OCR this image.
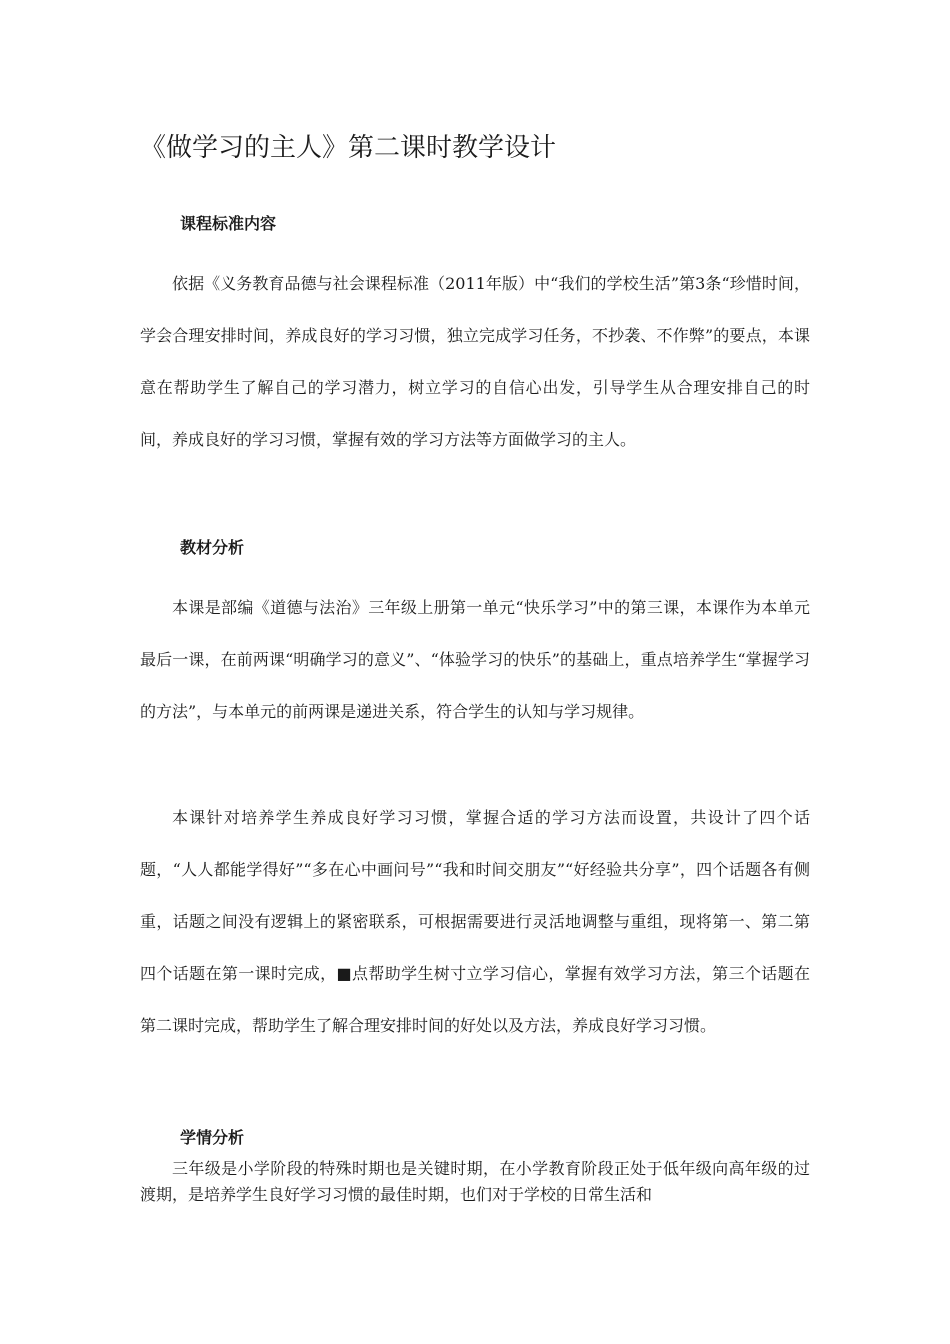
《做学习的主人》第二课时教学设计
课程标准内容

依据《义务教育品德与社会课程标准（2011年版）中“我们的学校生活”第3条“珍惜时间，学会合理安排时间，养成良好的学习习惯，独立完成学习任务，不抄袭、不作弊”的要点，本课意在帮助学生了解自己的学习潜力，树立学习的自信心出发，引导学生从合理安排自己的时间，养成良好的学习习惯，掌握有效的学习方法等方面做学习的主人。

教材分析

本课是部编《道德与法治》三年级上册第一单元“快乐学习”中的第三课，本课作为本单元最后一课，在前两课“明确学习的意义”、“体验学习的快乐”的基础上，重点培养学生“掌握学习的方法”，与本单元的前两课是递进关系，符合学生的认知与学习规律。

本课针对培养学生养成良好学习习惯，掌握合适的学习方法而设置，共设计了四个话题，“人人都能学得好”“多在心中画问号”“我和时间交朋友”“好经验共分享”，四个话题各有侧重，话题之间没有逻辑上的紧密联系，可根据需要进行灵活地调整与重组，现将第一、第二第四个话题在第一课时完成，■点帮助学生树寸立学习信心，掌握有效学习方法，第三个话题在第二课时完成，帮助学生了解合理安排时间的好处以及方法，养成良好学习习惯。

学情分析

三年级是小学阶段的特殊时期也是关键时期，在小学教育阶段正处于低年级向高年级的过渡期，是培养学生良好学习习惯的最佳时期，也们对于学校的日常生活和
